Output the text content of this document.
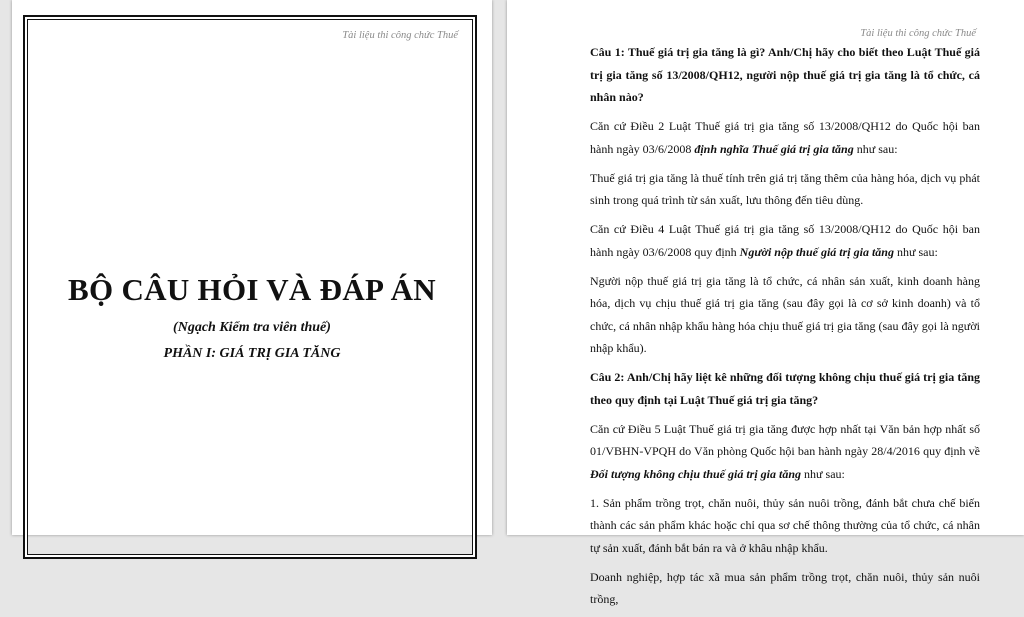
Tài liệu thi công chức Thuế
BỘ CÂU HỎI VÀ ĐÁP ÁN
(Ngạch Kiểm tra viên thuế)
PHẦN I: GIÁ TRỊ GIA TĂNG
Tài liệu thi công chức Thuế

Câu 1: Thuế giá trị gia tăng là gì? Anh/Chị hãy cho biết theo Luật Thuế giá trị gia tăng số 13/2008/QH12, người nộp thuế giá trị gia tăng là tổ chức, cá nhân nào?

Căn cứ Điều 2 Luật Thuế giá trị gia tăng số 13/2008/QH12 do Quốc hội ban hành ngày 03/6/2008 định nghĩa Thuế giá trị gia tăng như sau:

Thuế giá trị gia tăng là thuế tính trên giá trị tăng thêm của hàng hóa, dịch vụ phát sinh trong quá trình từ sản xuất, lưu thông đến tiêu dùng.

Căn cứ Điều 4 Luật Thuế giá trị gia tăng số 13/2008/QH12 do Quốc hội ban hành ngày 03/6/2008 quy định Người nộp thuế giá trị gia tăng như sau:

Người nộp thuế giá trị gia tăng là tổ chức, cá nhân sản xuất, kinh doanh hàng hóa, dịch vụ chịu thuế giá trị gia tăng (sau đây gọi là cơ sở kinh doanh) và tổ chức, cá nhân nhập khẩu hàng hóa chịu thuế giá trị gia tăng (sau đây gọi là người nhập khẩu).

Câu 2: Anh/Chị hãy liệt kê những đối tượng không chịu thuế giá trị gia tăng theo quy định tại Luật Thuế giá trị gia tăng?

Căn cứ Điều 5 Luật Thuế giá trị gia tăng được hợp nhất tại Văn bản hợp nhất số 01/VBHN-VPQH do Văn phòng Quốc hội ban hành ngày 28/4/2016 quy định về Đối tượng không chịu thuế giá trị gia tăng như sau:

1. Sản phẩm trồng trọt, chăn nuôi, thủy sản nuôi trồng, đánh bắt chưa chế biến thành các sản phẩm khác hoặc chỉ qua sơ chế thông thường của tổ chức, cá nhân tự sản xuất, đánh bắt bán ra và ở khâu nhập khẩu.

Doanh nghiệp, hợp tác xã mua sản phẩm trồng trọt, chăn nuôi, thủy sản nuôi trồng,
